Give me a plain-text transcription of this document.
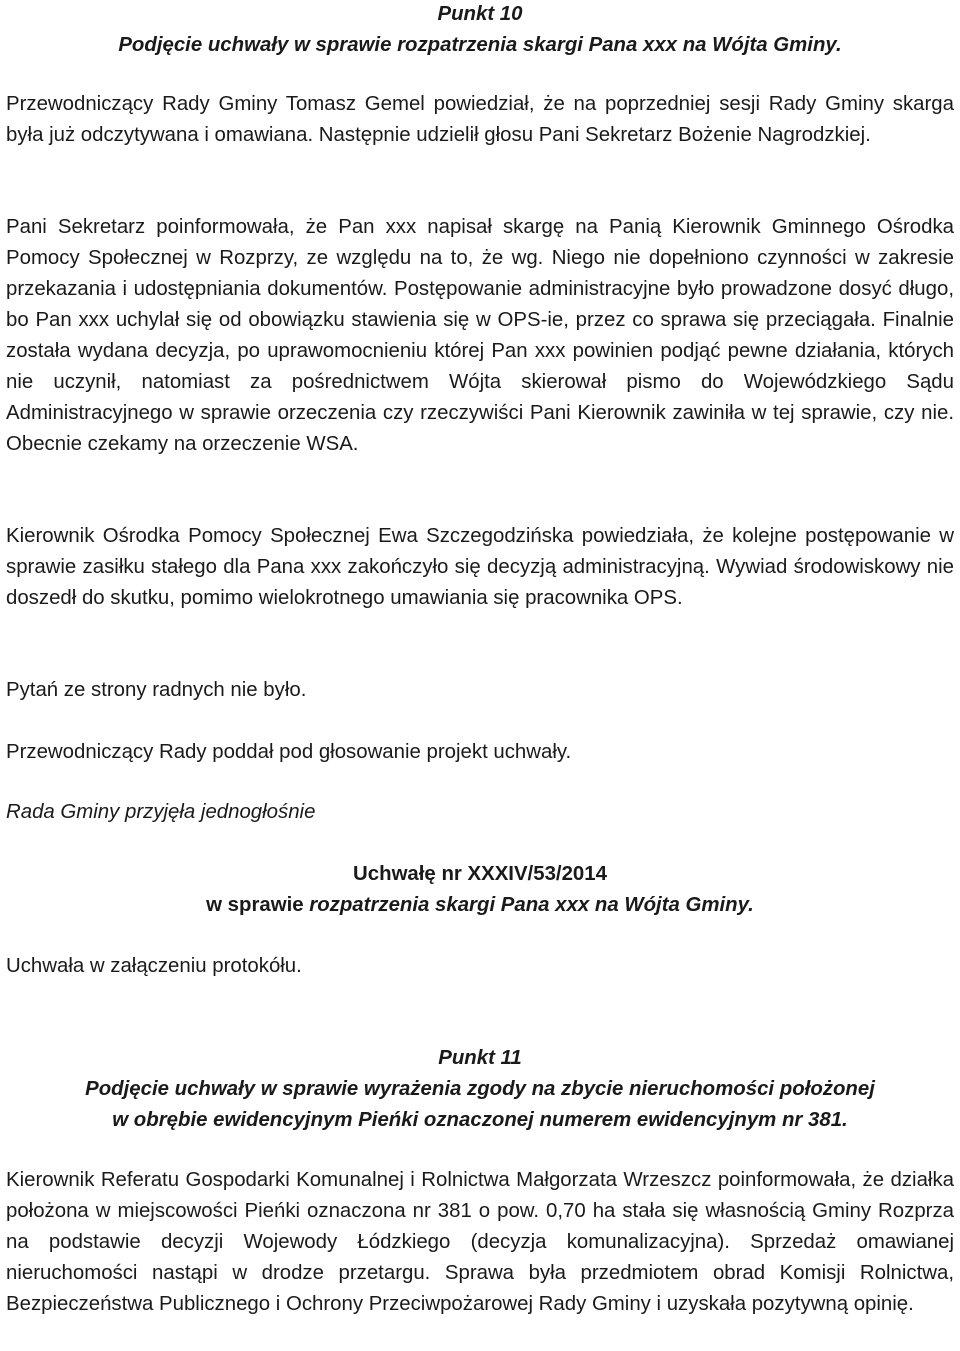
Punkt 10
Podjęcie uchwały w sprawie rozpatrzenia skargi Pana xxx na Wójta Gminy.

Przewodniczący Rady Gminy Tomasz Gemel powiedział, że na poprzedniej sesji Rady Gminy skarga była już odczytywana i omawiana. Następnie udzielił głosu Pani Sekretarz Bożenie Nagrodzkiej.

Pani Sekretarz poinformowała, że Pan xxx napisał skargę na Panią Kierownik Gminnego Ośrodka Pomocy Społecznej w Rozprzy, ze względu na to, że wg. Niego nie dopełniono czynności w zakresie przekazania i udostępniania dokumentów. Postępowanie administracyjne było prowadzone dosyć długo, bo Pan xxx uchylał się od obowiązku stawienia się w OPS-ie, przez co sprawa się przeciągała. Finalnie została wydana decyzja, po uprawomocnieniu której Pan xxx powinien podjąć pewne działania, których nie uczynił, natomiast za pośrednictwem Wójta skierował pismo do Wojewódzkiego Sądu Administracyjnego w sprawie orzeczenia czy rzeczywiści Pani Kierownik zawiniła w tej sprawie, czy nie. Obecnie czekamy na orzeczenie WSA.

Kierownik Ośrodka Pomocy Społecznej Ewa Szczegodzińska powiedziała, że kolejne postępowanie w sprawie zasiłku stałego dla Pana xxx zakończyło się decyzją administracyjną. Wywiad środowiskowy nie doszedł do skutku, pomimo wielokrotnego umawiania się pracownika OPS.

Pytań ze strony radnych nie było.

Przewodniczący Rady poddał pod głosowanie projekt uchwały.

Rada Gminy przyjęła jednogłośnie

Uchwałę nr XXXIV/53/2014
w sprawie rozpatrzenia skargi Pana xxx na Wójta Gminy.

Uchwała w załączeniu protokółu.

Punkt 11
Podjęcie uchwały w sprawie wyrażenia zgody na zbycie nieruchomości położonej
w obrębie ewidencyjnym Pieńki oznaczonej numerem ewidencyjnym nr 381.

Kierownik Referatu Gospodarki Komunalnej i Rolnictwa Małgorzata Wrzeszcz poinformowała, że działka położona w miejscowości Pieńki oznaczona nr 381 o pow. 0,70 ha stała się własnością Gminy Rozprza na podstawie decyzji Wojewody Łódzkiego (decyzja komunalizacyjna). Sprzedaż omawianej nieruchomości nastąpi w drodze przetargu. Sprawa była przedmiotem obrad Komisji Rolnictwa, Bezpieczeństwa Publicznego i Ochrony Przeciwpożarowej Rady Gminy i uzyskała pozytywną opinię.
